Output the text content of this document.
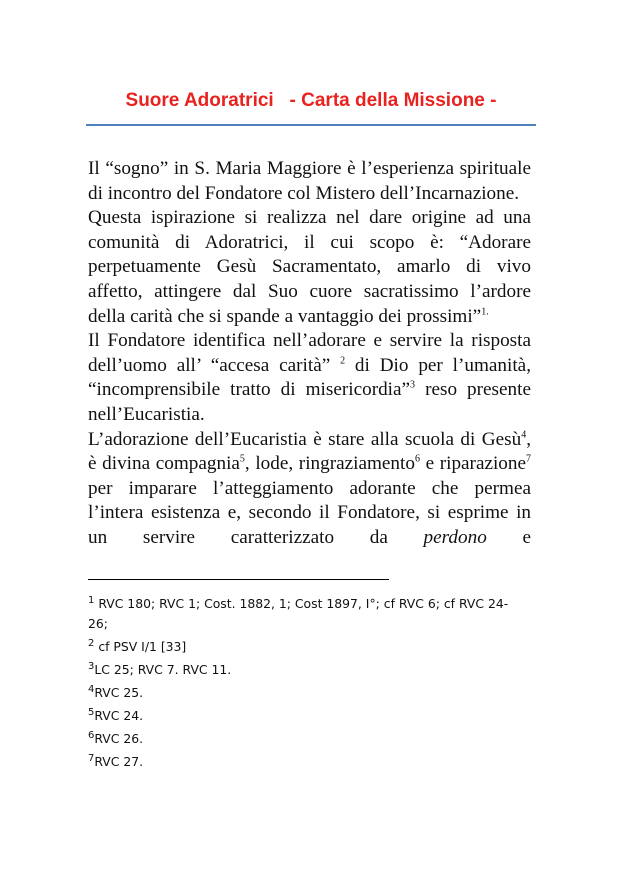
Suore Adoratrici   - Carta della Missione -

Il “sogno” in S. Maria Maggiore è l’esperienza spirituale di incontro del Fondatore col Mistero dell’Incarnazione.

Questa ispirazione si realizza nel dare origine ad una comunità di Adoratrici, il cui scopo è: “Adorare perpetuamente Gesù Sacramentato, amarlo di vivo affetto, attingere dal Suo cuore sacratissimo l’ardore della carità che si spande a vantaggio dei prossimi”$^{1.}$

Il Fondatore identifica nell’adorare e servire la risposta dell’uomo all’ “accesa carità” $^2$ di Dio per l’umanità, “incomprensibile tratto di misericordia”$^3$ reso presente nell’Eucaristia.

L’adorazione dell’Eucaristia è stare alla scuola di Gesù$^4$, è divina compagnia$^5$, lode, ringraziamento$^6$ e riparazione$^7$ per imparare l’atteggiamento adorante che permea l’intera esistenza e, secondo il Fondatore, si esprime in un servire caratterizzato da perdono e

$^1$ RVC 180; RVC 1; Cost. 1882, 1; Cost 1897, I°; cf RVC 6; cf RVC 24-26;

$^2$ cf PSV I/1 [33]

$^3$LC 25; RVC 7. RVC 11.

$^4$RVC 25.

$^5$RVC 24.

$^6$RVC 26.

$^7$RVC 27.
